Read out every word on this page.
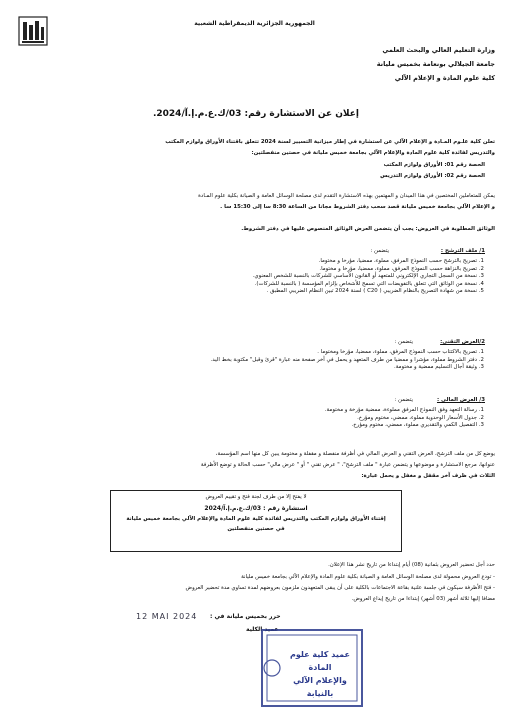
الجمهورية الجزائرية الديمقراطية الشعبية
وزارة التعليم العالي والبحث العلمي
جامعة الجيلالي بونعامة بخميس مليانة
كلية علوم المادة و الإعلام الآلي
إعلان عن الاستشارة رقم: 03/ك.ع.م.إ.آ/2024.
تعلن كلية علـوم المـادة و الإعلام الآلي عن استشارة في إطار ميزانية التسيير لسنة 2024 تتعلق باقتناء الأوراق ولوازم المكتب
والتدريس لفائدة كلية علوم المادة والإعلام الآلي بجامعة خميس مليانة في حصتين منفصلتين:
الحصة رقم 01: الأوراق ولوازم المكتب
الحصة رقم 02: الأوراق ولوازم التدريس
يمكن للمتعاملين المختصين في هذا الميدان و المهتمين بهذه الاستشارة التقدم لدى مصلحة الوسائل العامة و الصيانة بكلية علوم المـادة
و الإعلام الآلي بجامعة خميس مليانة قصد سحب دفتر الشروط مجانا من الساعة 8:30 سا إلى 15:30 سا .
الوثائق المطلوبة في العروض: يجب أن يتضمن العرض الوثائق المنصوص عليها في دفتر الشروط.
1/ ملف الترشح :
يتضمن :
1. تصريح بالترشح حسب النموذج المرفق، مملوء، ممضيا، مؤرخا و مختوما.
2. تصريح بالنزاهة حسب النموذج المرفق، مملوء، ممضيا، مؤرخا و مختوما.
3. نسخة من السجل التجاري الإلكتروني للمتعهد أو القانون الأساسي للشركات بالنسبة للشخص المعنوي.
4. نسخة من الوثائق التي تتعلق بالتفويضات التي تسمح للأشخاص بإلزام المؤسسة ( بالنسبة للشركات).
5. نسخة من شهادة التصريح بالنظام الضريبي ( C20 ) لسنة 2024 تبين النظام الضريبي المطبق .
2/العرض التقني:
يتضمن :
1. تصريح بالاكتتاب حسب النموذج المرفق، مملوء، ممضيا، مؤرخا ومختوما .
2. دفتر الشروط مملوء، مؤشرا و ممضيا من طرف المتعهد و يحمل في آخر صفحة منه عبارة "قرئ وقبل" مكتوبة بخط اليد.
3. وثيقة آجال التسليم ممضية و مختومة.
3/ العرض المالي :
يتضمن :
1. رسالة التعهد وفق النموذج المرفق مملوءة، ممضية مؤرخة و مختومة.
2. جدول الأسعار الوحدوية مملوء، ممضي، مختوم ومؤرخ.
3. التفصيل الكمي والتقديري مملوء، ممضي، مختوم ومؤرخ.
يوضع كل من ملف الترشح، العرض التقني و العرض المالي في أظرفة منفصلة و مقفلة و مختومة يبين كل منها اسم المؤسسة،
عنوانها، مرجع الاستشارة و موضوعها و يتضمن عبارة " ملف الترشح"، " عرض تقني " أو " عرض مالي" حسب الحالة و توضع الأظرفة
الثلاث في ظرف آخر مقفل و مغفل و يحمل عبارة:
لا يفتح إلا من طرف لجنة فتح و تقييم العروض
استشارة رقم : 03/ك.ع.م.إ.آ/2024
إقتناء الأوراق ولوازم المكتب والتدريس لفائدة كلية علوم المادة والإعلام الآلي بجامعة خميس مليانة
في حصتين منفصلتين
حدد أجل تحضير العروض بثمانية (08) أيام إبتداءا من تاريخ نشر هذا الإعلان.
- تودع العروض محمولة لدى مصلحة الوسائل العامة و الصيانة بكلية علوم المادة والإعلام الآلي بجامعة خميس مليانة
- فتح الأظرفة سيكون في جلسة علنية بقاعة الاجتماعات بالكلية على أن يبقى المتعهدون ملزمون بعروضهم لمدة تساوي مدة تحضير العروض
مضافا إليها ثلاثة أشهر (03 أشهر) إبتداءا من تاريخ إيداع العروض.
حرر بخميس مليانة في :
12 MAI 2024
عميد الكلية
عميد كلية علوم المادة
والإعلام الآلي بالنيابة
